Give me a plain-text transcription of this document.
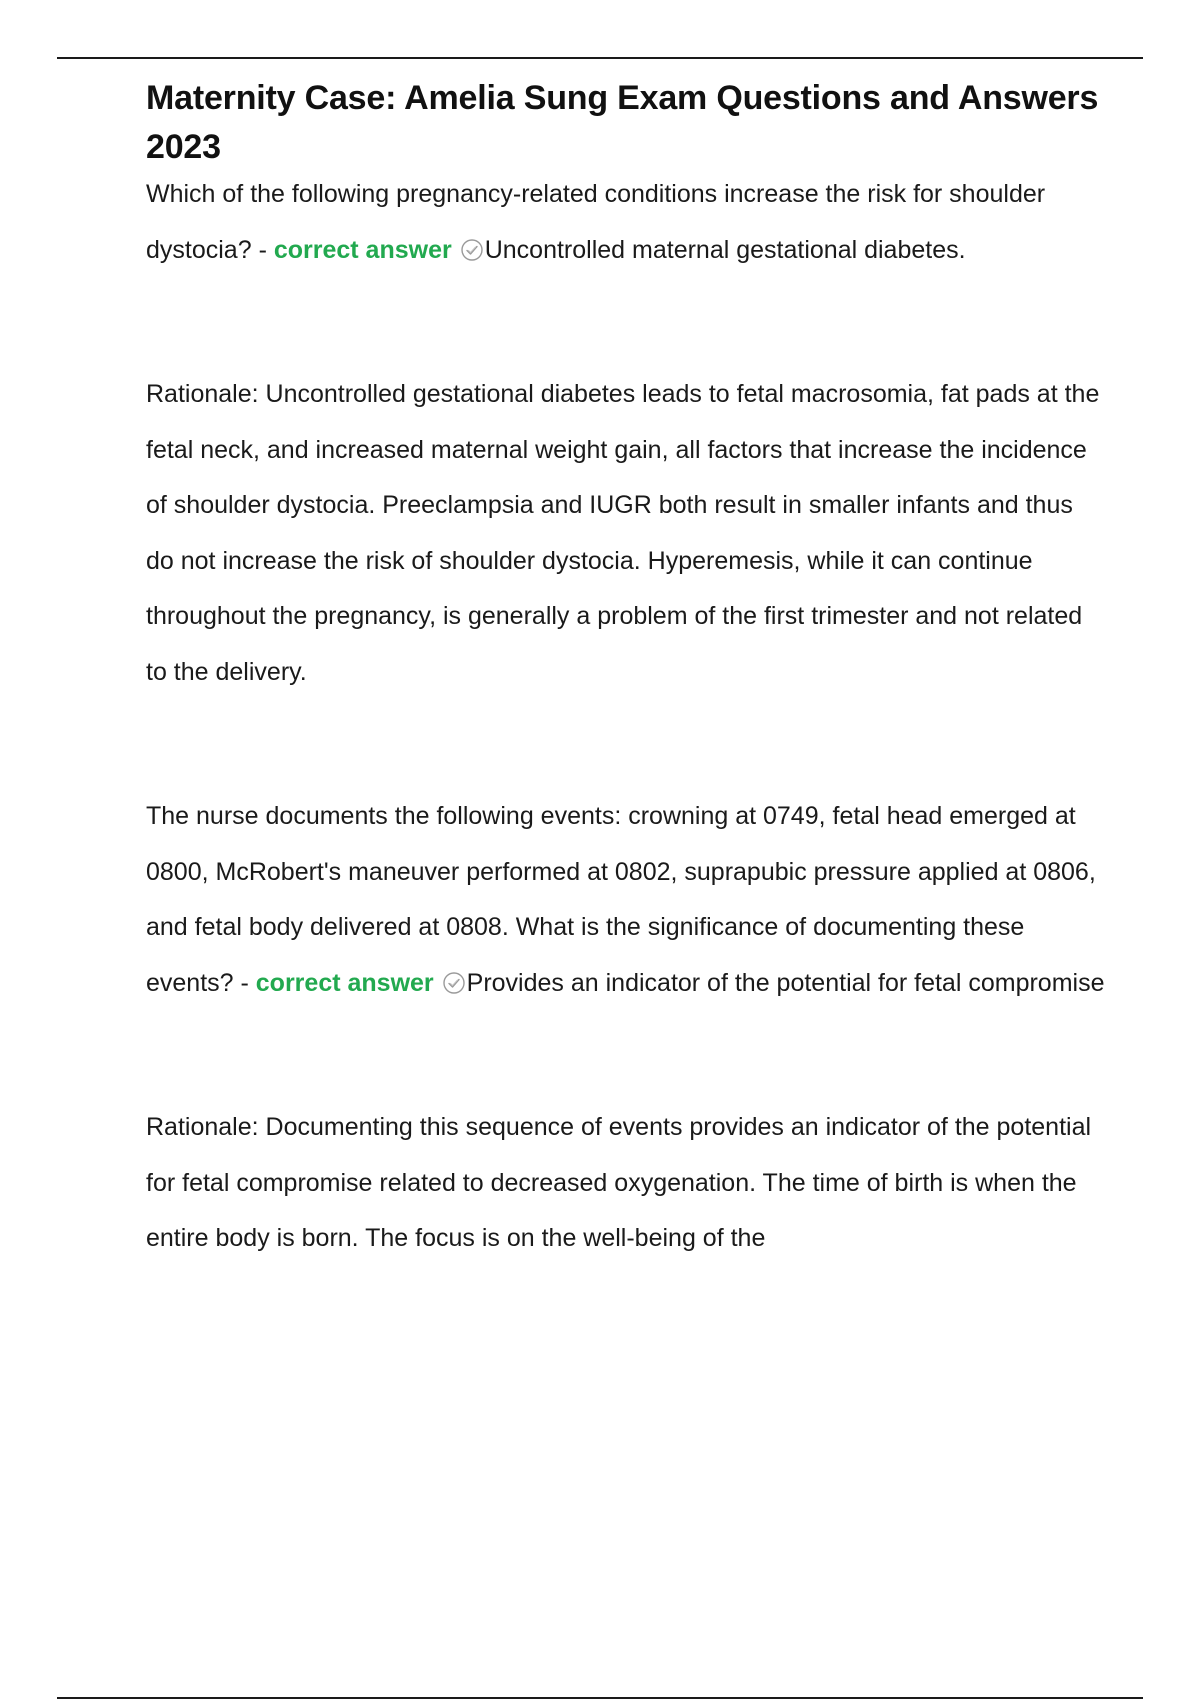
Maternity Case: Amelia Sung Exam Questions and Answers 2023

Which of the following pregnancy-related conditions increase the risk for shoulder dystocia? - correct answer Uncontrolled maternal gestational diabetes.

Rationale: Uncontrolled gestational diabetes leads to fetal macrosomia, fat pads at the fetal neck, and increased maternal weight gain, all factors that increase the incidence of shoulder dystocia. Preeclampsia and IUGR both result in smaller infants and thus do not increase the risk of shoulder dystocia. Hyperemesis, while it can continue throughout the pregnancy, is generally a problem of the first trimester and not related to the delivery.

The nurse documents the following events: crowning at 0749, fetal head emerged at 0800, McRobert's maneuver performed at 0802, suprapubic pressure applied at 0806, and fetal body delivered at 0808. What is the significance of documenting these events? - correct answer Provides an indicator of the potential for fetal compromise

Rationale: Documenting this sequence of events provides an indicator of the potential for fetal compromise related to decreased oxygenation. The time of birth is when the entire body is born. The focus is on the well-being of the
